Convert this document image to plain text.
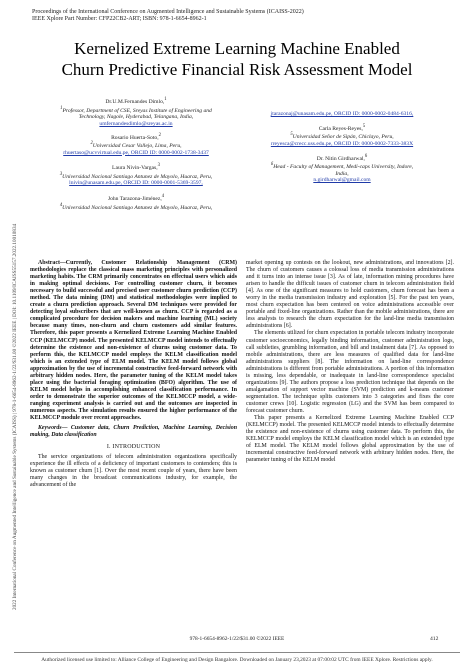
Proceedings of the International Conference on Augmented Intelligence and Sustainable Systems (ICAISS-2022)
IEEE Xplore Part Number: CFP22CB2-ART; ISBN: 978-1-6654-8962-1
Kernelized Extreme Learning Machine Enabled
Churn Predictive Financial Risk Assessment Model
Dr.U.M.Fernandes Dimlo,$^1$
$^1$Professor, Department of CSE, Sreyas Institute of Engineering and
Technology, Nagole, Hyderabad, Telangana, India,
umfernandesdimlo@sreyas.ac.in
Rosario Huerta-Soto,$^2$
$^2$Universidad Cesar Vallejo, Lima, Peru,
rhuertaso@ucvvirtual.edu.pe, ORCID ID: 0000-0002-1738-3437
Laura Nivin-Vargas,$^3$
$^3$Universidad Nacional Santiago Antunez de Mayolo, Huaraz, Peru,
lnivin@unasam.edu.pe, ORCID ID: 0000-0001-5369-3597,
John Tarazona-Jiménez,$^4$
$^4$Universidad Nacional Santiago Antunez de Mayolo, Huaraz, Peru,
jtarazonaj@unasam.edu.pe, ORCID ID: 0000-0002-0484-6316,
Carla Reyes-Reyes,$^5$
$^5$Universidad Señor de Sipán, Chiclayo, Peru,
rreyesca@crecc.uss.edu.pe, ORCID ID: 0000-0002-7333-383X
Dr. Nitin Girdharwal,$^6$
$^6$Head - Faculty of Management, Medi-caps University, Indore,
India,
n.girdharwal@gmail.com
2022 International Conference on Augmented Intelligence and Sustainable Systems (ICAISS) | 978-1-6654-8962-1/22/$31.00 ©2022 IEEE | DOI: 10.1109/ICAISS55157.2022.10010834	Abstract—Currently, Customer Relationship Management (CRM) methodologies replace the classical mass marketing principles with personalized marketing habits. The CRM primarily concentrates on effectual users which aids in making optimal decisions. For controlling customer churn, it becomes necessary to build successful and precised user customer churn prediction (CCP) method. The data mining (DM) and statistical methodologies were implied to create a churn prediction approach. Several DM techniques were provided for detecting loyal subscribers that are well-known as churn. CCP is regarded as a complicated procedure for decision makers and machine learning (ML) society because many times, non-churn and churn customers add similar features. Therefore, this paper presents a Kernelized Extreme Learning Machine Enabled CCP (KELMCCP) model. The presented KELMCCP model intends to effectually determine the existence and non-existence of churns using customer data. To perform this, the KELMCCP model employs the KELM classification model which is an extended type of ELM model. The KELM model follows global approximation by the use of incremental constructive feed-forward network with arbitrary hidden nodes. Here, the parameter tuning of the KELM model takes place using the bacterial foraging optimization (BFO) algorithm. The use of KELM model helps in accomplishing enhanced classification performance. In order to demonstrate the superior outcomes of the KELMCCP model, a wide-ranging experiment analysis is carried out and the outcomes are inspected in numerous aspects. The simulation results ensured the higher performance of the KELMCCP module over recent approaches.

Keywords— Customer data, Churn Prediction, Machine Learning, Decision making, Data classification

I. INTRODUCTION

The service organizations of telecom administration organizations specifically experience the ill effects of a deficiency of important customers to contenders; this is known as customer churn [1]. Over the most recent couple of years, there have been many changes in the broadcast communications industry, for example, the advancement of the

market opening up contests on the lookout, new administrations, and innovations [2]. The churn of customers causes a colossal loss of media transmission administrations and it turns into an intense issue [3]. As of late, information mining procedures have arisen to handle the difficult issues of customer churn in telecom administration field [4]. As one of the significant measures to hold customers, churn forecast has been a worry in the media transmission industry and exploration [5]. For the past ten years, most churn expectation has been centered on voice administrations accessible over portable and fixed-line organizations. Rather than the mobile administrations, there are less analysts to research the churn expectation for the land-line media transmission administrations [6].

The elements utilized for churn expectation in portable telecom industry incorporate customer socioeconomics, legally binding information, customer administration logs, call subtleties, grumbling information, and bill and instalment data [7]. As opposed to mobile administrations, there are less measures of qualified data for land-line administrations suppliers [8]. The information on land-line correspondence administrations is different from portable administrations. A portion of this information is missing, less dependable, or inadequate in land-line correspondence specialist organizations [9]. The authors propose a loss prediction technique that depends on the amalgamation of support vector machine (SVM) prediction and k-means customer segmentation. The technique splits customers into 3 categories and fixes the core customer crews [10]. Logistic regression (LG) and the SVM has been compared to forecast customer churn.

This paper presents a Kernelized Extreme Learning Machine Enabled CCP (KELMCCP) model. The presented KELMCCP model intends to effectually determine the existence and non-existence of churns using customer data. To perform this, the KELMCCP model employs the KELM classification model which is an extended type of ELM model. The KELM model follows global approximation by the use of incremental constructive feed-forward network with arbitrary hidden nodes. Here, the parameter tuning of the KELM model

978-1-6654-8962-1/22/$31.00 ©2022 IEEE	412
Authorized licensed use limited to: Alliance College of Engineering and Design Bangalore. Downloaded on January 23,2023 at 07:00:02 UTC from IEEE Xplore. Restrictions apply.
